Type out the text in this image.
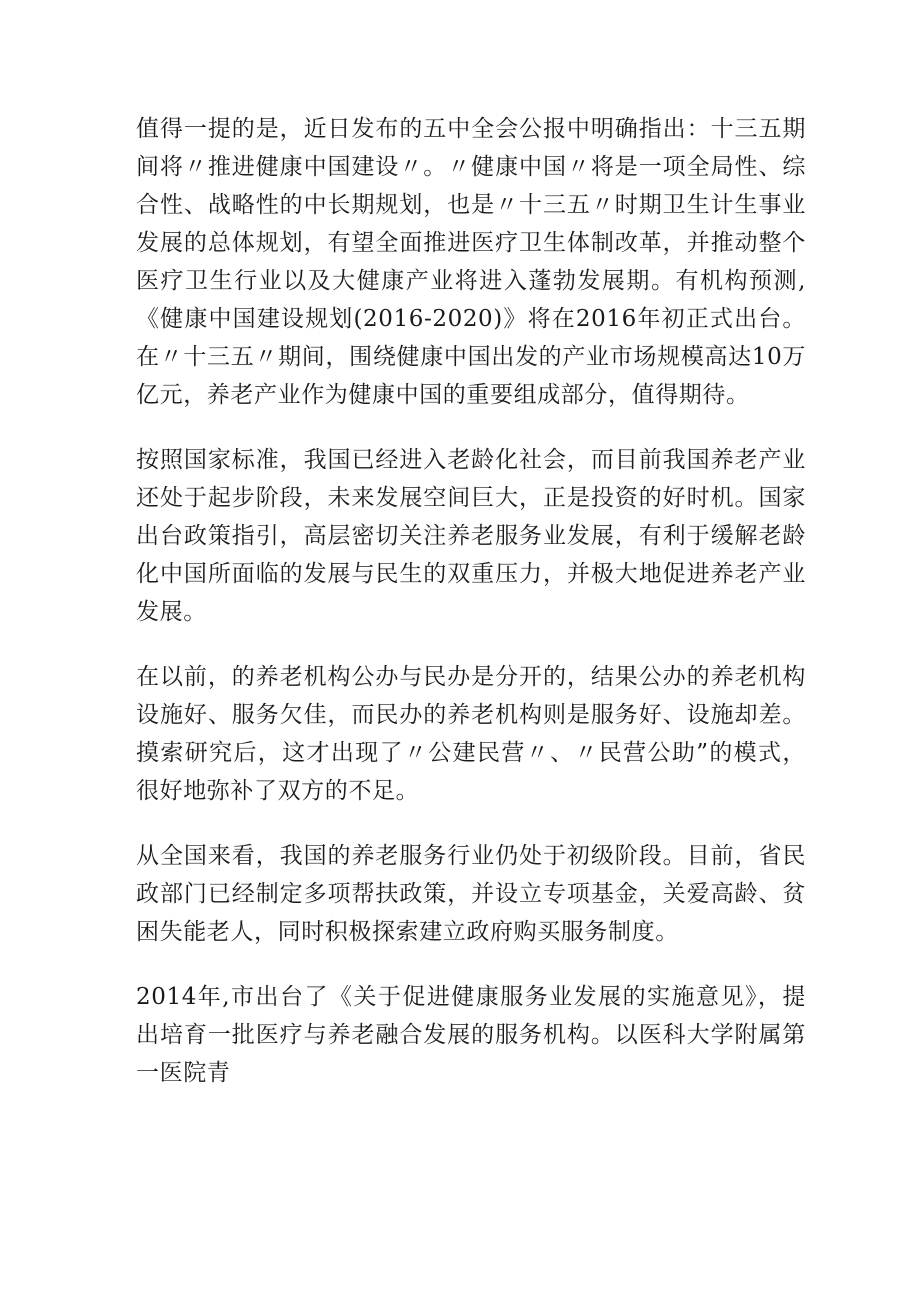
值得一提的是，近日发布的五中全会公报中明确指出：十三五期间将〃推进健康中国建设〃。〃健康中国〃将是一项全局性、综合性、战略性的中长期规划，也是〃十三五〃时期卫生计生事业发展的总体规划，有望全面推进医疗卫生体制改革，并推动整个医疗卫生行业以及大健康产业将进入蓬勃发展期。有机构预测,《健康中国建设规划(2016-2020)》将在2016年初正式出台。在〃十三五〃期间，围绕健康中国出发的产业市场规模高达10万亿元，养老产业作为健康中国的重要组成部分，值得期待。

按照国家标准，我国已经进入老龄化社会，而目前我国养老产业还处于起步阶段，未来发展空间巨大，正是投资的好时机。国家出台政策指引，高层密切关注养老服务业发展，有利于缓解老龄化中国所面临的发展与民生的双重压力，并极大地促进养老产业发展。

在以前，的养老机构公办与民办是分开的，结果公办的养老机构设施好、服务欠佳，而民办的养老机构则是服务好、设施却差。摸索研究后，这才出现了〃公建民营〃、〃民营公助”的模式，很好地弥补了双方的不足。

从全国来看，我国的养老服务行业仍处于初级阶段。目前，省民政部门已经制定多项帮扶政策，并设立专项基金，关爱高龄、贫困失能老人，同时积极探索建立政府购买服务制度。

2014年,市出台了《关于促进健康服务业发展的实施意见》，提出培育一批医疗与养老融合发展的服务机构。以医科大学附属第一医院青
